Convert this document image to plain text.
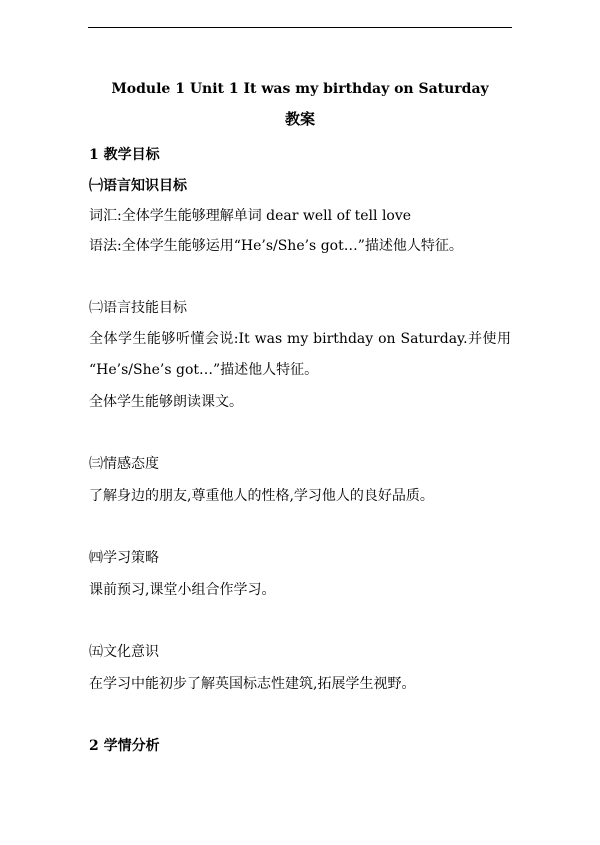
Module 1 Unit 1 It was my birthday on Saturday
教案
1 教学目标
㈠语言知识目标
词汇:全体学生能够理解单词 dear well of tell love
语法:全体学生能够运用“He’s/She’s got…”描述他人特征。
㈡语言技能目标
全体学生能够听懂会说:It was my birthday on Saturday.并使用
“He’s/She’s got…”描述他人特征。
全体学生能够朗读课文。
㈢情感态度
了解身边的朋友,尊重他人的性格,学习他人的良好品质。
㈣学习策略
课前预习,课堂小组合作学习。
㈤文化意识
在学习中能初步了解英国标志性建筑,拓展学生视野。
2 学情分析
